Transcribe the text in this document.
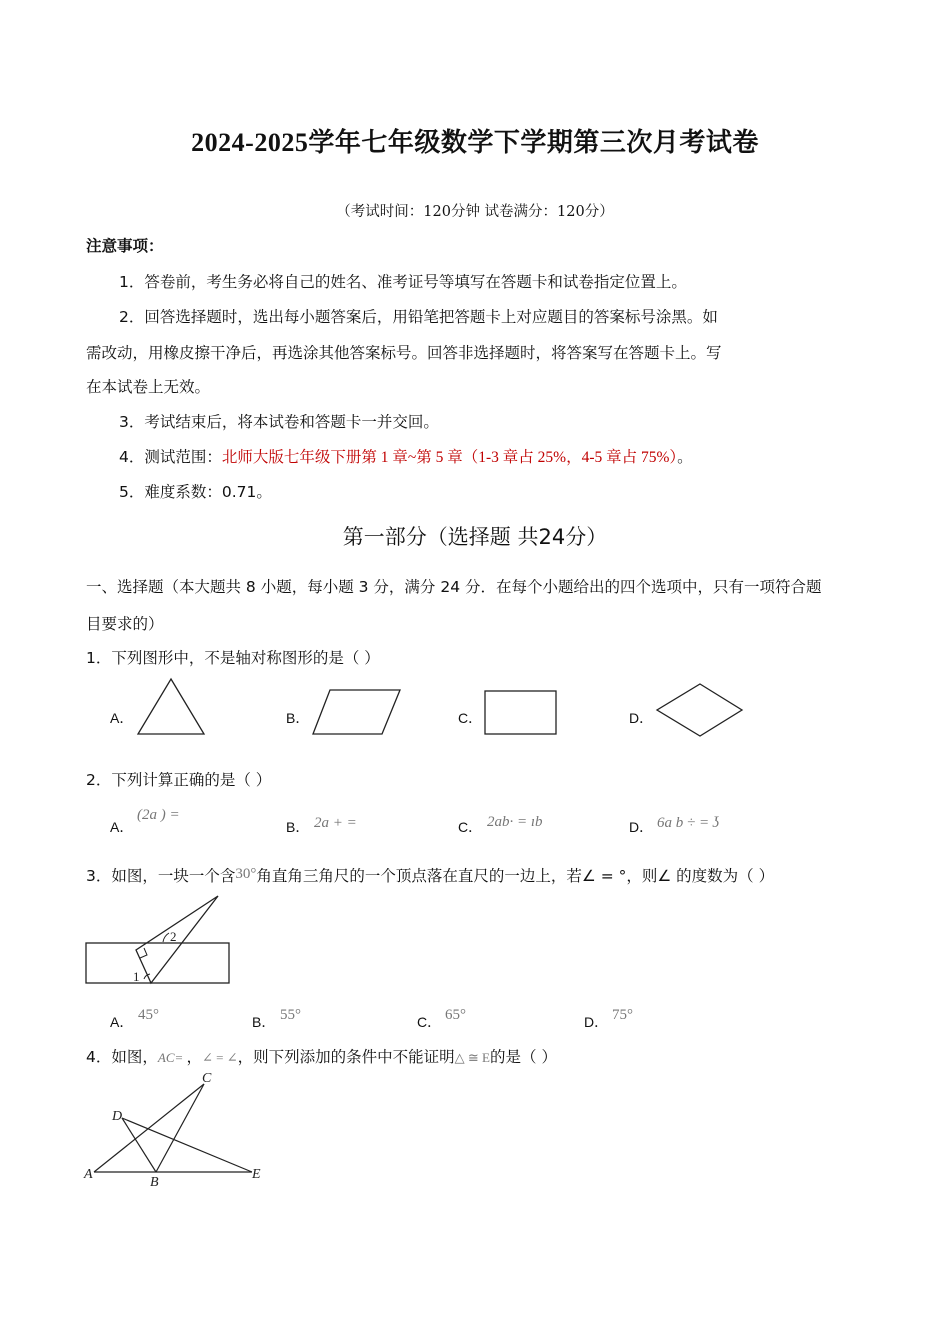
2024-2025学年七年级数学下学期第三次月考试卷
（考试时间：120分钟 试卷满分：120分）
注意事项：
1．答卷前，考生务必将自己的姓名、准考证号等填写在答题卡和试卷指定位置上。
2．回答选择题时，选出每小题答案后，用铅笔把答题卡上对应题目的答案标号涂黑。如
需改动，用橡皮擦干净后，再选涂其他答案标号。回答非选择题时，将答案写在答题卡上。写
在本试卷上无效。
3．考试结束后，将本试卷和答题卡一并交回。
4．测试范围：北师大版七年级下册第 1 章~第 5 章（1-3 章占 25%，4-5 章占 75%）。
5．难度系数：0.71。
第一部分（选择题 共24分）
一、选择题（本大题共 8 小题，每小题 3 分，满分 24 分．在每个小题给出的四个选项中，只有一项符合题
目要求的）
1．下列图形中，不是轴对称图形的是（ ）
A．	B．	C．	D．
2．下列计算正确的是（ ）
A．
(2a ) =
B． 2a + =	C． 2ab· = ıb	D． 6a b ÷ = ʖ
3．如图，一块一个含30°角直角三角尺的一个顶点落在直尺的一边上，若∠ = °，则∠ 的度数为（ ）
2
1
A． 45°	B． 55°	C． 65°	D． 75°
4．如图，AC= ，∠ = ∠，则下列添加的条件中不能证明△ ≅ E的是（ ）
A
B
C
D
E
